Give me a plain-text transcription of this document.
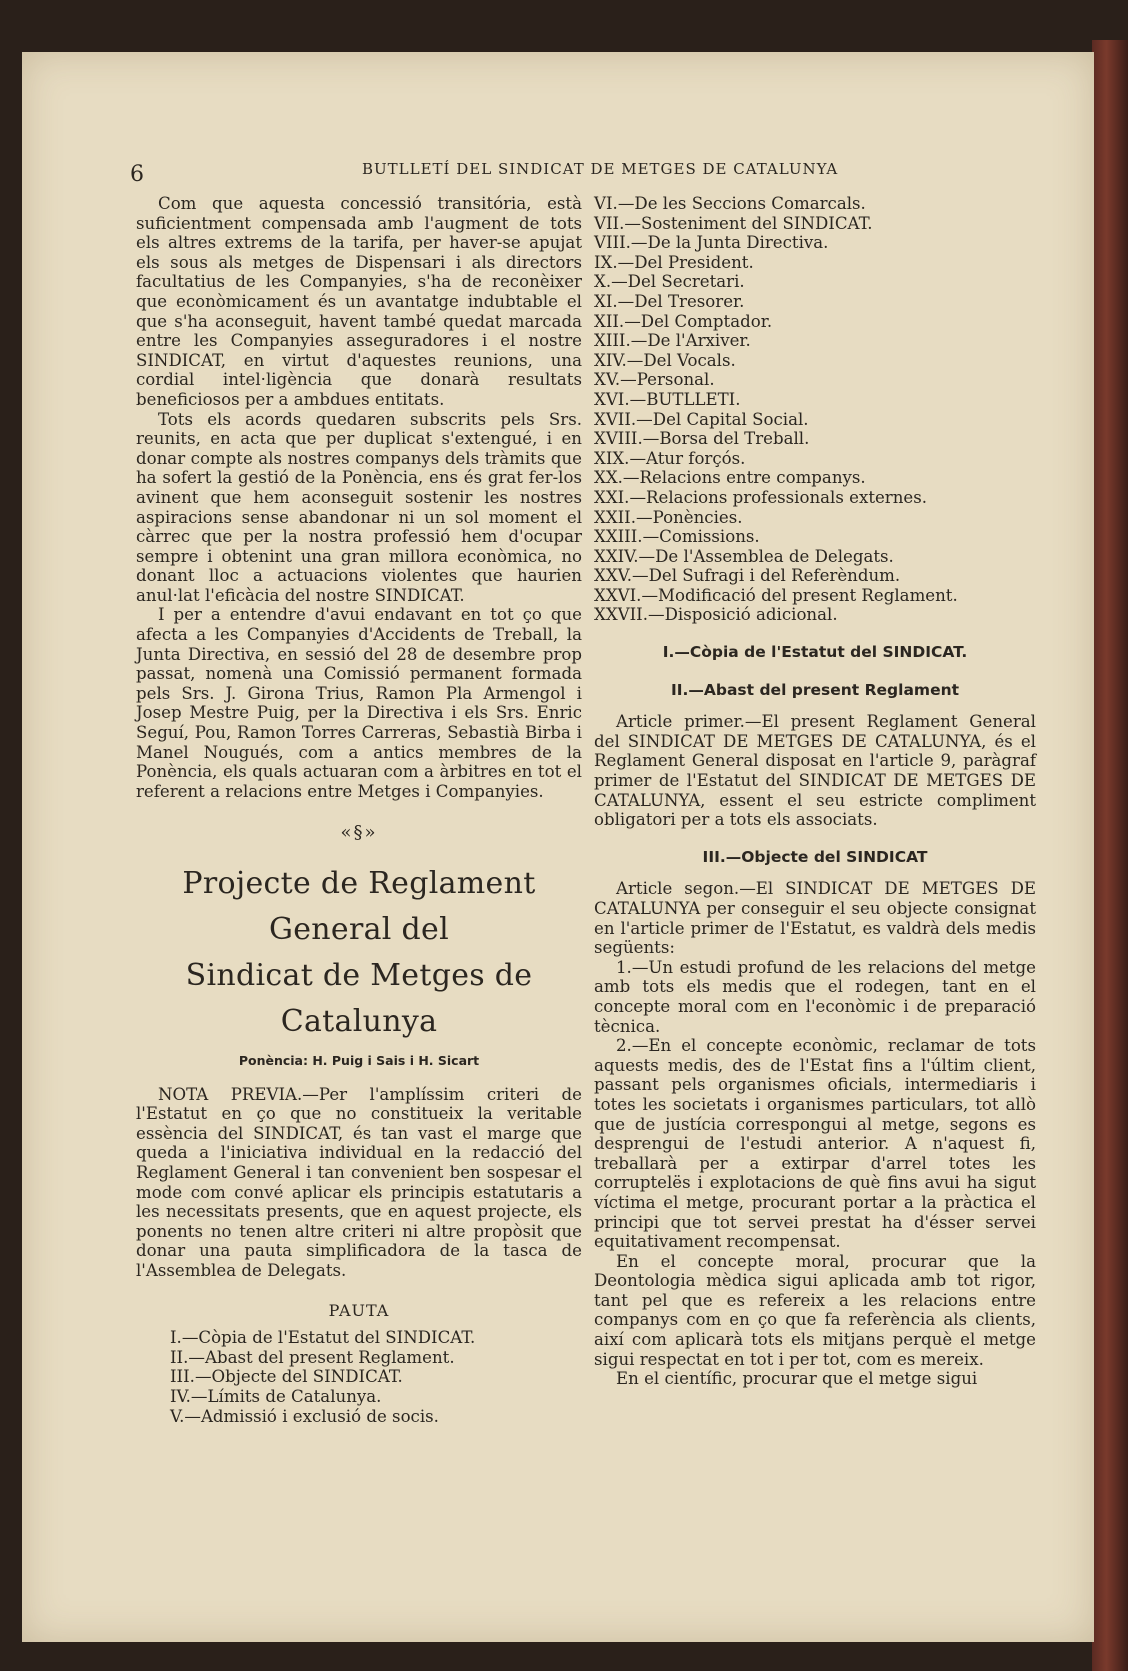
6	BUTLLETÍ DEL SINDICAT DE METGES DE CATALUNYA

Com que aquesta concessió transitória, està suficientment compensada amb l'augment de tots els altres extrems de la tarifa, per haver-se apujat els sous als metges de Dispensari i als directors facultatius de les Companyies, s'ha de reconèixer que econòmicament és un avantatge indubtable el que s'ha aconseguit, havent també quedat marcada entre les Companyies asseguradores i el nostre SINDICAT, en virtut d'aquestes reunions, una cordial intel·ligència que donarà resultats beneficiosos per a ambdues entitats.

Tots els acords quedaren subscrits pels Srs. reunits, en acta que per duplicat s'extengué, i en donar compte als nostres companys dels tràmits que ha sofert la gestió de la Ponència, ens és grat fer-los avinent que hem aconseguit sostenir les nostres aspiracions sense abandonar ni un sol moment el càrrec que per la nostra professió hem d'ocupar sempre i obtenint una gran millora econòmica, no donant lloc a actuacions violentes que haurien anul·lat l'eficàcia del nostre SINDICAT.

I per a entendre d'avui endavant en tot ço que afecta a les Companyies d'Accidents de Treball, la Junta Directiva, en sessió del 28 de desembre prop passat, nomenà una Comissió permanent formada pels Srs. J. Girona Trius, Ramon Pla Armengol i Josep Mestre Puig, per la Directiva i els Srs. Enric Seguí, Pou, Ramon Torres Carreras, Sebastià Birba i Manel Nougués, com a antics membres de la Ponència, els quals actuaran com a àrbitres en tot el referent a relacions entre Metges i Companyies.

«§»
Projecte de Reglament General del
Sindicat de Metges de Catalunya
Ponència: H. Puig i Sais i H. Sicart

NOTA PREVIA.—Per l'amplíssim criteri de l'Estatut en ço que no constitueix la veritable essència del SINDICAT, és tan vast el marge que queda a l'iniciativa individual en la redacció del Reglament General i tan convenient ben sospesar el mode com convé aplicar els principis estatutaris a les necessitats presents, que en aquest projecte, els ponents no tenen altre criteri ni altre propòsit que donar una pauta simplificadora de la tasca de l'Assemblea de Delegats.

PAUTA
I.—Còpia de l'Estatut del SINDICAT.
II.—Abast del present Reglament.
III.—Objecte del SINDICAT.
IV.—Límits de Catalunya.
V.—Admissió i exclusió de socis.
VI.—De les Seccions Comarcals.
VII.—Sosteniment del SINDICAT.
VIII.—De la Junta Directiva.
IX.—Del President.
X.—Del Secretari.
XI.—Del Tresorer.
XII.—Del Comptador.
XIII.—De l'Arxiver.
XIV.—Del Vocals.
XV.—Personal.
XVI.—BUTLLETI.
XVII.—Del Capital Social.
XVIII.—Borsa del Treball.
XIX.—Atur forçós.
XX.—Relacions entre companys.
XXI.—Relacions professionals externes.
XXII.—Ponències.
XXIII.—Comissions.
XXIV.—De l'Assemblea de Delegats.
XXV.—Del Sufragi i del Referèndum.
XXVI.—Modificació del present Reglament.
XXVII.—Disposició adicional.
I.—Còpia de l'Estatut del SINDICAT.
II.—Abast del present Reglament

Article primer.—El present Reglament General del SINDICAT DE METGES DE CATALUNYA, és el Reglament General disposat en l'article 9, paràgraf primer de l'Estatut del SINDICAT DE METGES DE CATALUNYA, essent el seu estricte compliment obligatori per a tots els associats.

III.—Objecte del SINDICAT

Article segon.—El SINDICAT DE METGES DE CATALUNYA per conseguir el seu objecte consignat en l'article primer de l'Estatut, es valdrà dels medis següents:

1.—Un estudi profund de les relacions del metge amb tots els medis que el rodegen, tant en el concepte moral com en l'econòmic i de preparació tècnica.

2.—En el concepte econòmic, reclamar de tots aquests medis, des de l'Estat fins a l'últim client, passant pels organismes oficials, intermediaris i totes les societats i organismes particulars, tot allò que de justícia correspongui al metge, segons es desprengui de l'estudi anterior. A n'aquest fi, treballarà per a extirpar d'arrel totes les corruptelës i explotacions de què fins avui ha sigut víctima el metge, procurant portar a la pràctica el principi que tot servei prestat ha d'ésser servei equitativament recompensat.

En el concepte moral, procurar que la Deontologia mèdica sigui aplicada amb tot rigor, tant pel que es refereix a les relacions entre companys com en ço que fa referència als clients, així com aplicarà tots els mitjans perquè el metge sigui respectat en tot i per tot, com es mereix.

En el científic, procurar que el metge sigui
